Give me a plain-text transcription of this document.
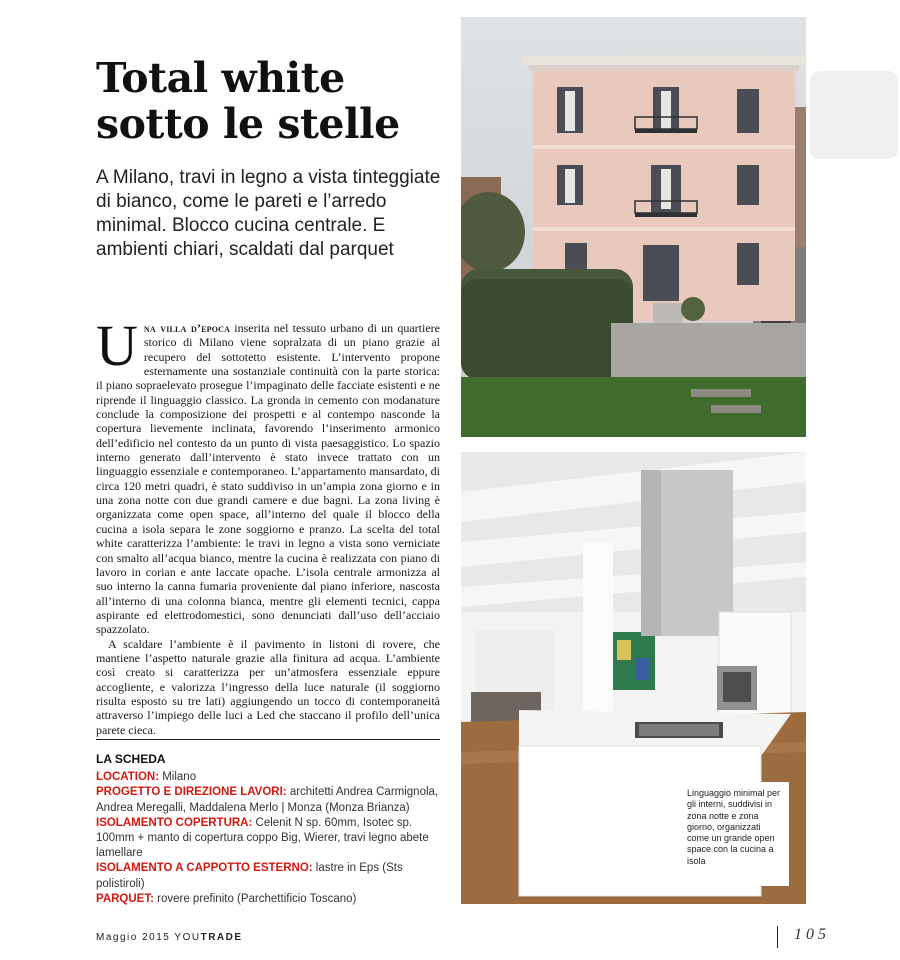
Total white sotto le stelle
A Milano, travi in legno a vista tinteggiate di bianco, come le pareti e l’arredo minimal. Blocco cucina centrale. E ambienti chiari, scaldati dal parquet

Una villa d’epoca inserita nel tessuto urbano di un quartiere storico di Milano viene sopralzata di un piano grazie al recupero del sottotetto esistente. L’intervento propone esternamente una sostanziale continuità con la parte storica: il piano sopraelevato prosegue l’impaginato delle facciate esistenti e ne riprende il linguaggio classico. La gronda in cemento con modanature conclude la composizione dei prospetti e al contempo nasconde la copertura lievemente inclinata, favorendo l’inserimento armonico dell’edificio nel contesto da un punto di vista paesaggistico. Lo spazio interno generato dall’intervento è stato invece trattato con un linguaggio essenziale e contemporaneo. L’appartamento mansardato, di circa 120 metri quadri, è stato suddiviso in un’ampia zona giorno e in una zona notte con due grandi camere e due bagni. La zona living è organizzata come open space, all’interno del quale il blocco della cucina a isola separa le zone soggiorno e pranzo. La scelta del total white caratterizza l’ambiente: le travi in legno a vista sono verniciate con smalto all’acqua bianco, mentre la cucina è realizzata con piano di lavoro in corian e ante laccate opache. L’isola centrale armonizza al suo interno la canna fumaria proveniente dal piano inferiore, nascosta all’interno di una colonna bianca, mentre gli elementi tecnici, cappa aspirante ed elettrodomestici, sono denunciati dall’uso dell’acciaio spazzolato.

A scaldare l’ambiente è il pavimento in listoni di rovere, che mantiene l’aspetto naturale grazie alla finitura ad acqua. L’ambiente così creato si caratterizza per un’atmosfera essenziale eppure accogliente, e valorizza l’ingresso della luce naturale (il soggiorno risulta esposto su tre lati) aggiungendo un tocco di contemporaneità attraverso l’impiego delle luci a Led che staccano il profilo dell’unica parete cieca.

LA SCHEDA
LOCATION: Milano
PROGETTO E DIREZIONE LAVORI: architetti Andrea Carmignola, Andrea Meregalli, Maddalena Merlo | Monza (Monza Brianza)
ISOLAMENTO COPERTURA: Celenit N sp. 60mm, Isotec sp. 100mm + manto di copertura coppo Big, Wierer, travi legno abete lamellare
ISOLAMENTO A CAPPOTTO ESTERNO: lastre in Eps (Sts polistiroli)
PARQUET: rovere prefinito (Parchettificio Toscano)
Linguaggio minimal per gli interni, suddivisi in zona notte e zona giorno, organizzati come un grande open space con la cucina a isola
Maggio 2015 YOUTRADE	105
